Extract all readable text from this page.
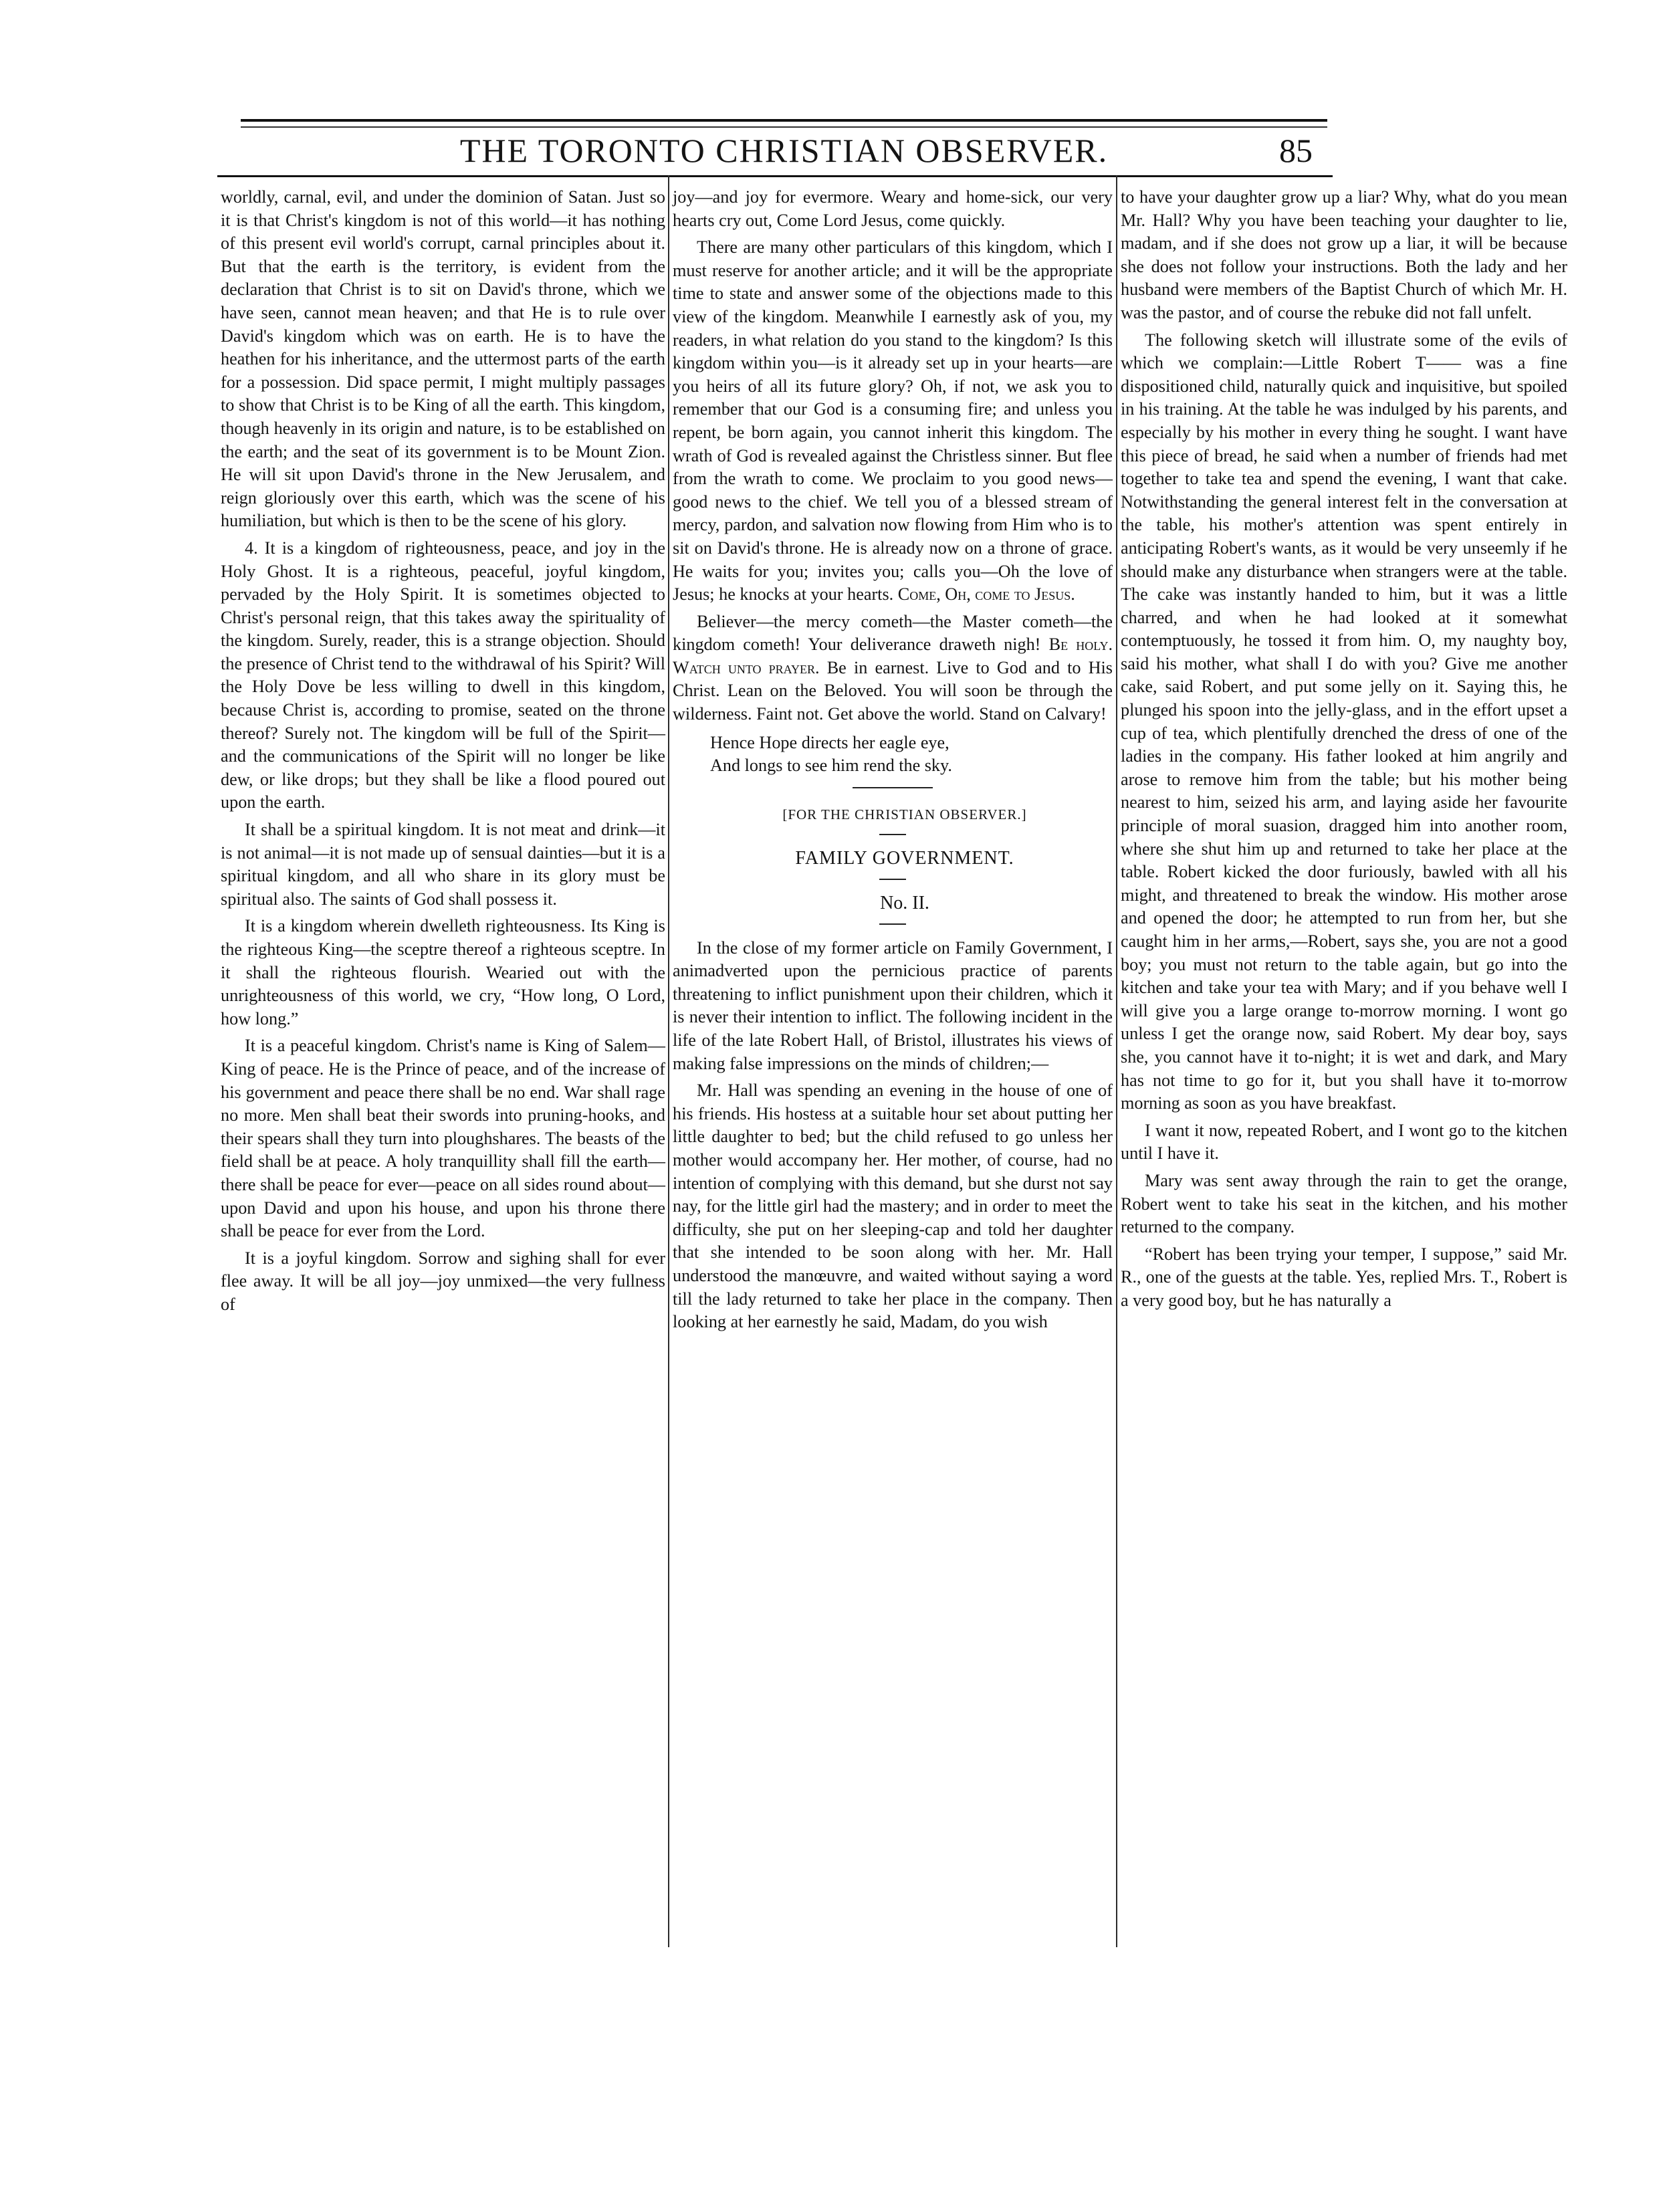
THE TORONTO CHRISTIAN OBSERVER.	85

worldly, carnal, evil, and under the dominion of Satan. Just so it is that Christ's kingdom is not of this world—it has nothing of this present evil world's corrupt, carnal principles about it. But that the earth is the territory, is evident from the declaration that Christ is to sit on David's throne, which we have seen, cannot mean heaven; and that He is to rule over David's kingdom which was on earth. He is to have the heathen for his inheritance, and the uttermost parts of the earth for a possession. Did space permit, I might multiply passages to show that Christ is to be King of all the earth. This kingdom, though heavenly in its origin and nature, is to be established on the earth; and the seat of its government is to be Mount Zion. He will sit upon David's throne in the New Jerusalem, and reign gloriously over this earth, which was the scene of his humiliation, but which is then to be the scene of his glory.

4. It is a kingdom of righteousness, peace, and joy in the Holy Ghost. It is a righteous, peaceful, joyful kingdom, pervaded by the Holy Spirit. It is sometimes objected to Christ's personal reign, that this takes away the spirituality of the kingdom. Surely, reader, this is a strange objection. Should the presence of Christ tend to the withdrawal of his Spirit? Will the Holy Dove be less willing to dwell in this kingdom, because Christ is, according to promise, seated on the throne thereof? Surely not. The kingdom will be full of the Spirit—and the communications of the Spirit will no longer be like dew, or like drops; but they shall be like a flood poured out upon the earth.

It shall be a spiritual kingdom. It is not meat and drink—it is not animal—it is not made up of sensual dainties—but it is a spiritual kingdom, and all who share in its glory must be spiritual also. The saints of God shall possess it.

It is a kingdom wherein dwelleth righteousness. Its King is the righteous King—the sceptre thereof a righteous sceptre. In it shall the righteous flourish. Wearied out with the unrighteousness of this world, we cry, “How long, O Lord, how long.”

It is a peaceful kingdom. Christ's name is King of Salem—King of peace. He is the Prince of peace, and of the increase of his government and peace there shall be no end. War shall rage no more. Men shall beat their swords into pruning-hooks, and their spears shall they turn into ploughshares. The beasts of the field shall be at peace. A holy tranquillity shall fill the earth—there shall be peace for ever—peace on all sides round about—upon David and upon his house, and upon his throne there shall be peace for ever from the Lord.

It is a joyful kingdom. Sorrow and sighing shall for ever flee away. It will be all joy—joy unmixed—the very fullness of

joy—and joy for evermore. Weary and home-sick, our very hearts cry out, Come Lord Jesus, come quickly.

There are many other particulars of this kingdom, which I must reserve for another article; and it will be the appropriate time to state and answer some of the objections made to this view of the kingdom. Meanwhile I earnestly ask of you, my readers, in what relation do you stand to the kingdom? Is this kingdom within you—is it already set up in your hearts—are you heirs of all its future glory? Oh, if not, we ask you to remember that our God is a consuming fire; and unless you repent, be born again, you cannot inherit this kingdom. The wrath of God is revealed against the Christless sinner. But flee from the wrath to come. We proclaim to you good news—good news to the chief. We tell you of a blessed stream of mercy, pardon, and salvation now flowing from Him who is to sit on David's throne. He is already now on a throne of grace. He waits for you; invites you; calls you—Oh the love of Jesus; he knocks at your hearts. Come, Oh, come to Jesus.

Believer—the mercy cometh—the Master cometh—the kingdom cometh! Your deliverance draweth nigh! Be holy. Watch unto prayer. Be in earnest. Live to God and to His Christ. Lean on the Beloved. You will soon be through the wilderness. Faint not. Get above the world. Stand on Calvary!

Hence Hope directs her eagle eye,
And longs to see him rend the sky.

[FOR THE CHRISTIAN OBSERVER.]

FAMILY GOVERNMENT.

No. II.

In the close of my former article on Family Government, I animadverted upon the pernicious practice of parents threatening to inflict punishment upon their children, which it is never their intention to inflict. The following incident in the life of the late Robert Hall, of Bristol, illustrates his views of making false impressions on the minds of children;—

Mr. Hall was spending an evening in the house of one of his friends. His hostess at a suitable hour set about putting her little daughter to bed; but the child refused to go unless her mother would accompany her. Her mother, of course, had no intention of complying with this demand, but she durst not say nay, for the little girl had the mastery; and in order to meet the difficulty, she put on her sleeping-cap and told her daughter that she intended to be soon along with her. Mr. Hall understood the manœuvre, and waited without saying a word till the lady returned to take her place in the company. Then looking at her earnestly he said, Madam, do you wish

to have your daughter grow up a liar? Why, what do you mean Mr. Hall? Why you have been teaching your daughter to lie, madam, and if she does not grow up a liar, it will be because she does not follow your instructions. Both the lady and her husband were members of the Baptist Church of which Mr. H. was the pastor, and of course the rebuke did not fall unfelt.

The following sketch will illustrate some of the evils of which we complain:—Little Robert T—— was a fine dispositioned child, naturally quick and inquisitive, but spoiled in his training. At the table he was indulged by his parents, and especially by his mother in every thing he sought. I want have this piece of bread, he said when a number of friends had met together to take tea and spend the evening, I want that cake. Notwithstanding the general interest felt in the conversation at the table, his mother's attention was spent entirely in anticipating Robert's wants, as it would be very unseemly if he should make any disturbance when strangers were at the table. The cake was instantly handed to him, but it was a little charred, and when he had looked at it somewhat contemptuously, he tossed it from him. O, my naughty boy, said his mother, what shall I do with you? Give me another cake, said Robert, and put some jelly on it. Saying this, he plunged his spoon into the jelly-glass, and in the effort upset a cup of tea, which plentifully drenched the dress of one of the ladies in the company. His father looked at him angrily and arose to remove him from the table; but his mother being nearest to him, seized his arm, and laying aside her favourite principle of moral suasion, dragged him into another room, where she shut him up and returned to take her place at the table. Robert kicked the door furiously, bawled with all his might, and threatened to break the window. His mother arose and opened the door; he attempted to run from her, but she caught him in her arms,—Robert, says she, you are not a good boy; you must not return to the table again, but go into the kitchen and take your tea with Mary; and if you behave well I will give you a large orange to-morrow morning. I wont go unless I get the orange now, said Robert. My dear boy, says she, you cannot have it to-night; it is wet and dark, and Mary has not time to go for it, but you shall have it to-morrow morning as soon as you have breakfast.

I want it now, repeated Robert, and I wont go to the kitchen until I have it.

Mary was sent away through the rain to get the orange, Robert went to take his seat in the kitchen, and his mother returned to the company.

“Robert has been trying your temper, I suppose,” said Mr. R., one of the guests at the table. Yes, replied Mrs. T., Robert is a very good boy, but he has naturally a
